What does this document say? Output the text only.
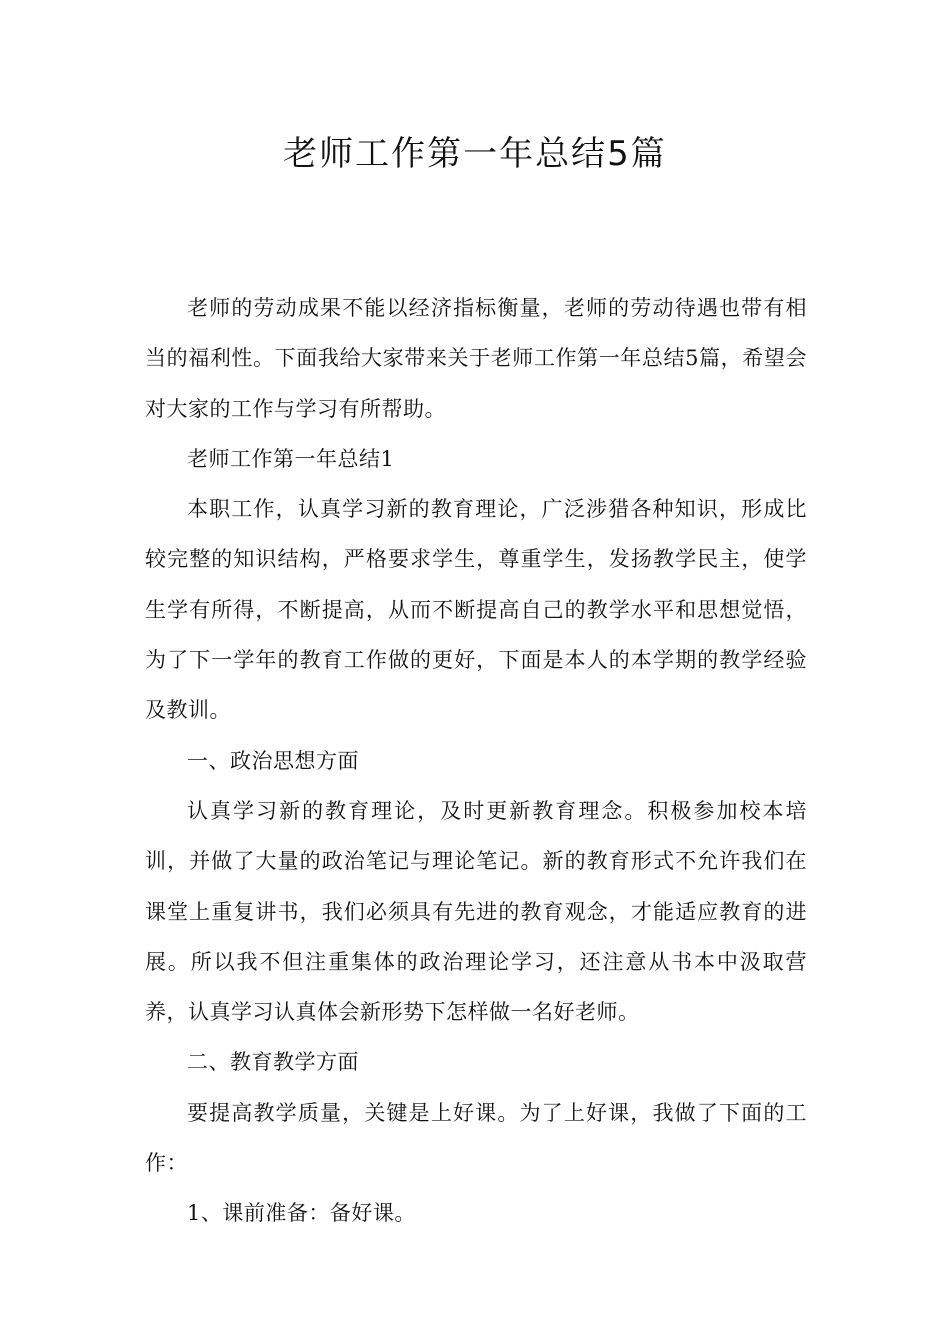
老师工作第一年总结5篇

老师的劳动成果不能以经济指标衡量，老师的劳动待遇也带有相当的福利性。下面我给大家带来关于老师工作第一年总结5篇，希望会对大家的工作与学习有所帮助。

老师工作第一年总结1

本职工作，认真学习新的教育理论，广泛涉猎各种知识，形成比较完整的知识结构，严格要求学生，尊重学生，发扬教学民主，使学生学有所得，不断提高，从而不断提高自己的教学水平和思想觉悟，为了下一学年的教育工作做的更好，下面是本人的本学期的教学经验及教训。

一、政治思想方面

认真学习新的教育理论，及时更新教育理念。积极参加校本培训，并做了大量的政治笔记与理论笔记。新的教育形式不允许我们在课堂上重复讲书，我们必须具有先进的教育观念，才能适应教育的进展。所以我不但注重集体的政治理论学习，还注意从书本中汲取营养，认真学习认真体会新形势下怎样做一名好老师。

二、教育教学方面

要提高教学质量，关键是上好课。为了上好课，我做了下面的工作：

1、课前准备：备好课。
